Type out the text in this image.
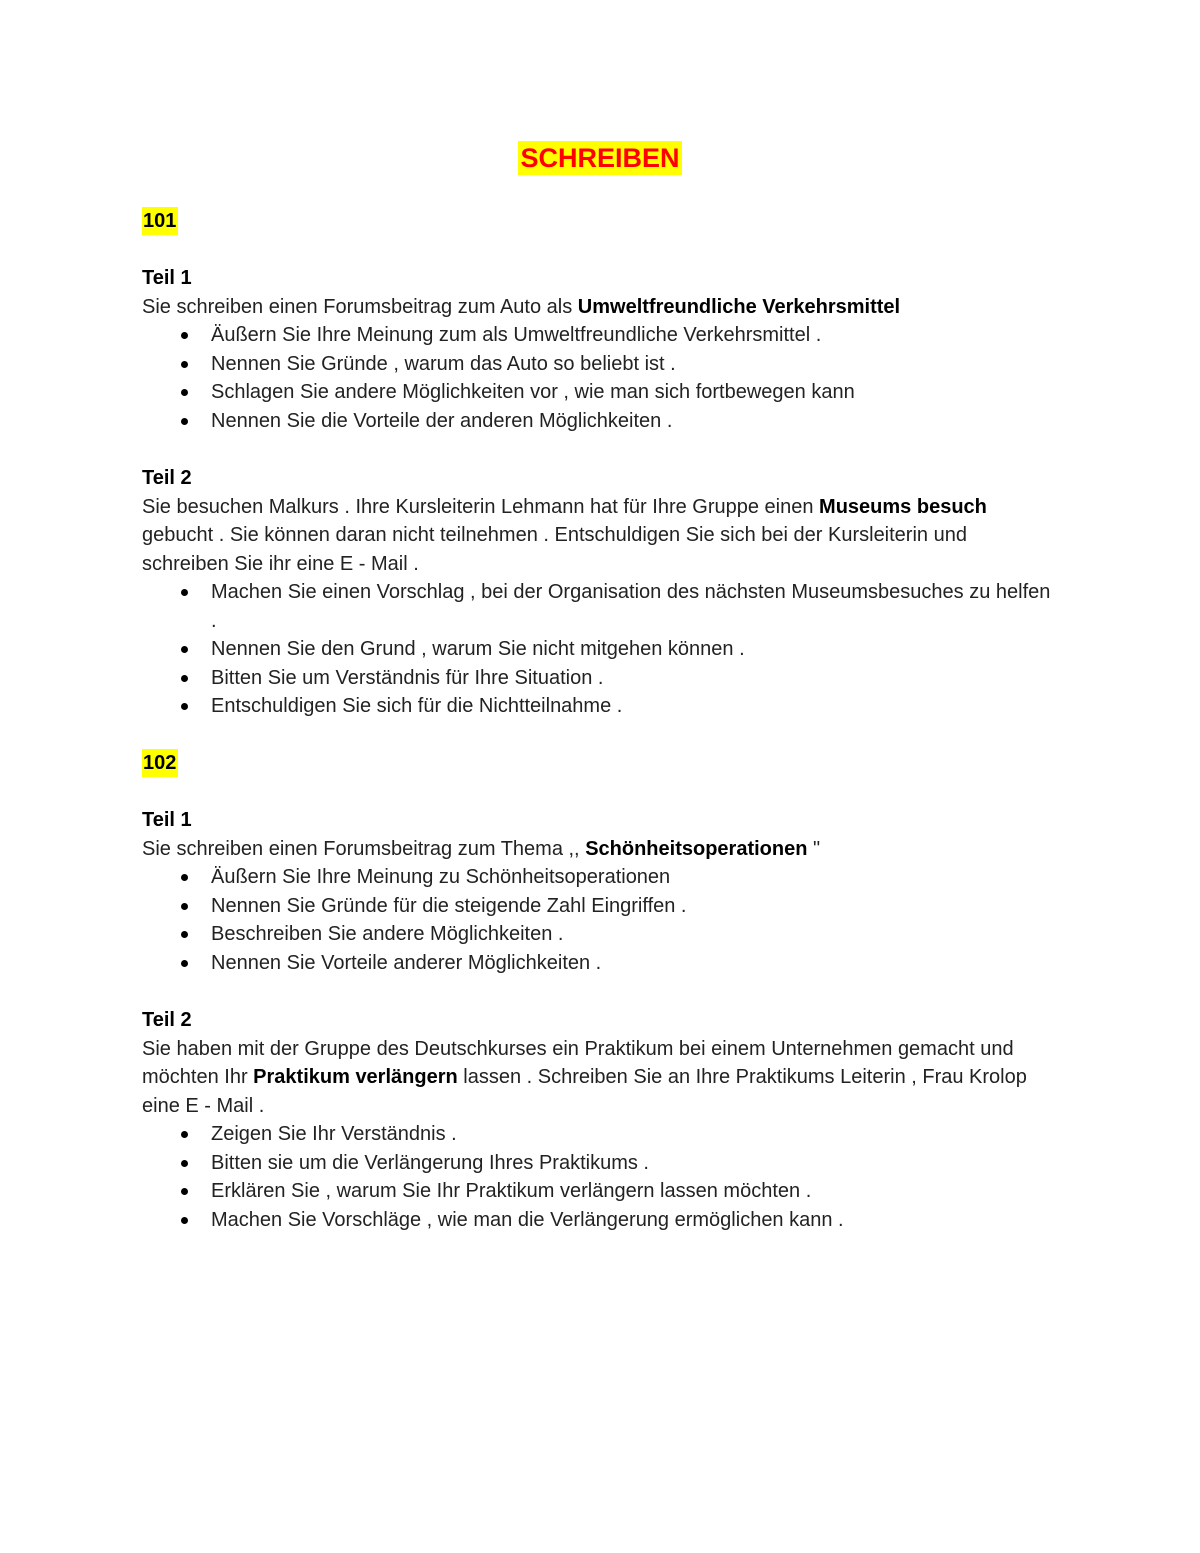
SCHREIBEN
101
Teil 1
Sie schreiben einen Forumsbeitrag zum Auto als Umweltfreundliche Verkehrsmittel
Äußern Sie Ihre Meinung zum als Umweltfreundliche Verkehrsmittel .
Nennen Sie Gründe , warum das Auto so beliebt ist .
Schlagen Sie andere Möglichkeiten vor , wie man sich fortbewegen kann
Nennen Sie die Vorteile der anderen Möglichkeiten .
Teil 2
Sie besuchen Malkurs . Ihre Kursleiterin Lehmann hat für Ihre Gruppe einen Museums besuch gebucht . Sie können daran nicht teilnehmen . Entschuldigen Sie sich bei der Kursleiterin und schreiben Sie ihr eine E - Mail .
Machen Sie einen Vorschlag , bei der Organisation des nächsten Museumsbesuches zu helfen .
Nennen Sie den Grund , warum Sie nicht mitgehen können .
Bitten Sie um Verständnis für Ihre Situation .
Entschuldigen Sie sich für die Nichtteilnahme .
102
Teil 1
Sie schreiben einen Forumsbeitrag zum Thema ,, Schönheitsoperationen "
Äußern Sie Ihre Meinung zu Schönheitsoperationen
Nennen Sie Gründe für die steigende Zahl Eingriffen .
Beschreiben Sie andere Möglichkeiten .
Nennen Sie Vorteile anderer Möglichkeiten .
Teil 2
Sie haben mit der Gruppe des Deutschkurses ein Praktikum bei einem Unternehmen gemacht und möchten Ihr Praktikum verlängern lassen . Schreiben Sie an Ihre Praktikums Leiterin , Frau Krolop eine E - Mail .
Zeigen Sie Ihr Verständnis .
Bitten sie um die Verlängerung Ihres Praktikums .
Erklären Sie , warum Sie Ihr Praktikum verlängern lassen möchten .
Machen Sie Vorschläge , wie man die Verlängerung ermöglichen kann .
